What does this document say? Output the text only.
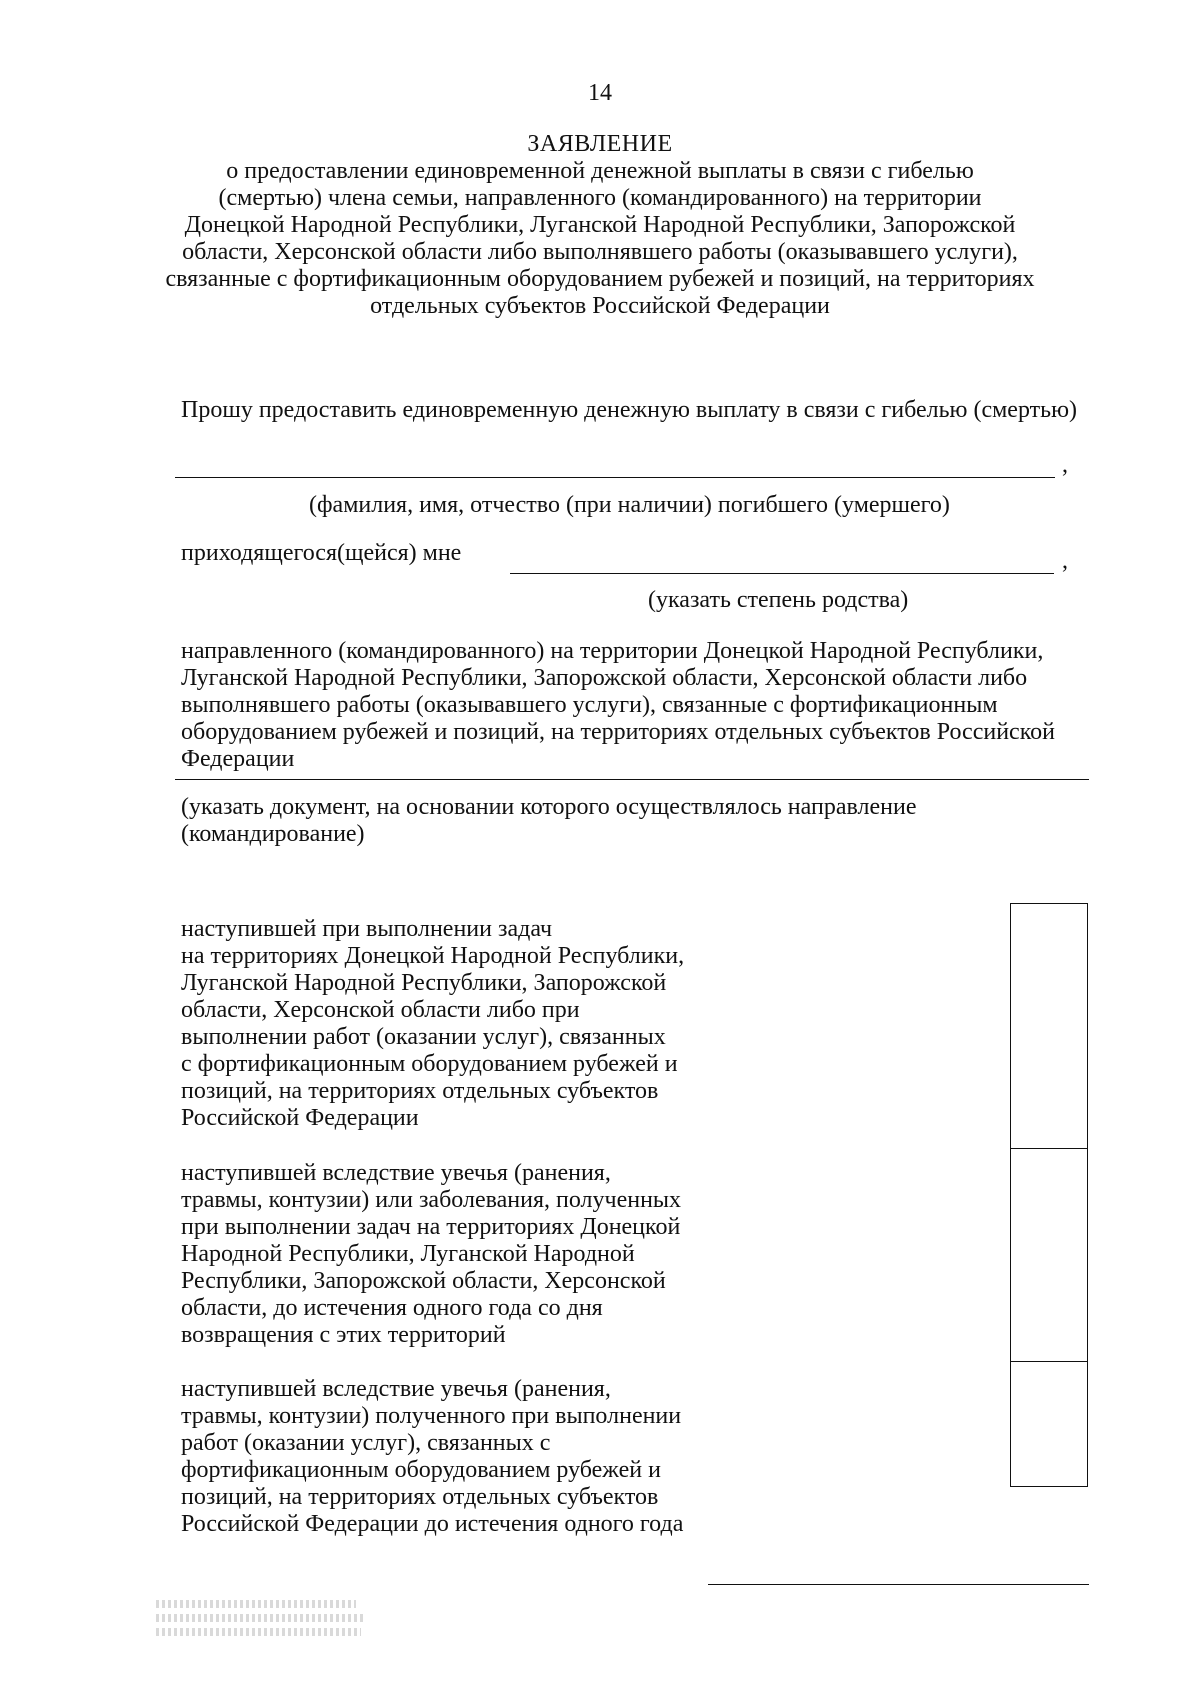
14
ЗАЯВЛЕНИЕ
о предоставлении единовременной денежной выплаты в связи с гибелью
(смертью) члена семьи, направленного (командированного) на территории
Донецкой Народной Республики, Луганской Народной Республики, Запорожской
области, Херсонской области либо выполнявшего работы (оказывавшего услуги),
связанные с фортификационным оборудованием рубежей и позиций, на территориях
отдельных субъектов Российской Федерации
Прошу предоставить единовременную денежную выплату в связи с гибелью (смертью)
,
(фамилия, имя, отчество (при наличии) погибшего (умершего)
приходящегося(щейся) мне	,
(указать степень родства)
направленного (командированного) на территории Донецкой Народной Республики,
Луганской Народной Республики, Запорожской области, Херсонской области либо
выполнявшего работы (оказывавшего услуги), связанные с фортификационным
оборудованием рубежей и позиций, на территориях отдельных субъектов Российской
Федерации
(указать документ, на основании которого осуществлялось направление
(командирование)
наступившей при выполнении задач
на территориях Донецкой Народной Республики,
Луганской Народной Республики, Запорожской
области, Херсонской области либо при
выполнении работ (оказании услуг), связанных
с фортификационным оборудованием рубежей и
позиций, на территориях отдельных субъектов
Российской Федерации
наступившей вследствие увечья (ранения,
травмы, контузии) или заболевания, полученных
при выполнении задач на территориях Донецкой
Народной Республики, Луганской Народной
Республики, Запорожской области, Херсонской
области, до истечения одного года со дня
возвращения с этих территорий
наступившей вследствие увечья (ранения,
травмы, контузии) полученного при выполнении
работ (оказании услуг), связанных с
фортификационным оборудованием рубежей и
позиций, на территориях отдельных субъектов
Российской Федерации до истечения одного года
